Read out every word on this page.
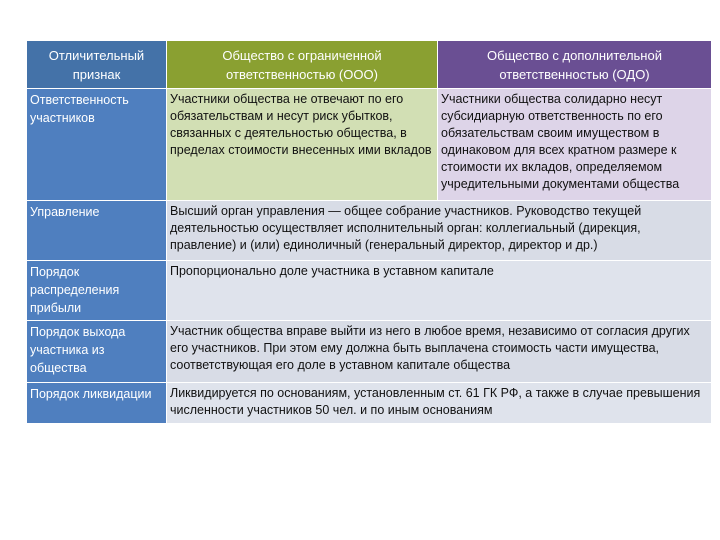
Отличительный признак	Общество с ограниченной ответственностью (ООО)	Общество с дополнительной ответственностью (ОДО)
Ответственность участников	Участники общества не отвечают по его обязательствам и несут риск убытков, связанных с деятельностью общества, в пределах стоимости внесенных ими вкладов	Участники общества солидарно несут субсидиарную ответственность по его обязательствам своим имуществом в одинаковом для всех кратном размере к стоимости их вкладов, определяемом учредительными документами общества
Управление	Высший орган управления — общее собрание участников. Руководство текущей деятельностью осуществляет исполнительный орган: коллегиальный (дирекция, правление) и (или) единоличный (генеральный директор, директор и др.)	
Порядок распределения прибыли	Пропорционально доле участника в уставном капитале	
Порядок выхода участника из общества	Участник общества вправе выйти из него в любое время, независимо от согласия других его участников. При этом ему должна быть выплачена стоимость части имущества, соответствующая его доле в уставном капитале общества	
Порядок ликвидации	Ликвидируется по основаниям, установленным ст. 61 ГК РФ, а также в случае превышения численности участников 50 чел. и по иным основаниям	
